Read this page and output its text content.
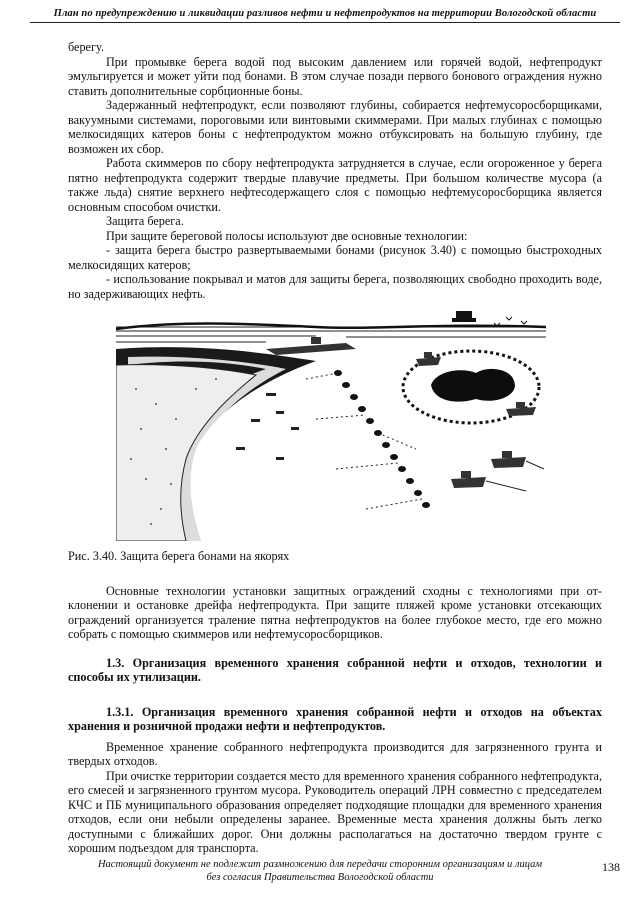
План по предупреждению и ликвидации разливов нефти и нефтепродуктов на территории Вологодской области

берегу.

При промывке берега водой под высоким давлением или горячей водой, нефтепродукт эмульгируется и может уйти под бонами. В этом случае позади первого бонового ограждения нужно ставить дополнительные сорбционные боны.

Задержанный нефтепродукт, если позволяют глубины, собирается нефтемусоросборщиками, вакуумными системами, пороговыми или винтовыми скиммерами. При малых глубинах с помощью мелкосидящих катеров боны с нефтепродуктом можно отбуксировать на большую глубину, где возможен их сбор.

Работа скиммеров по сбору нефтепродукта затрудняется в случае, если огороженное у берега пятно нефтепродукта содержит твердые плавучие предметы. При большом количестве мусора (а также льда) снятие верхнего нефтесодержащего слоя с помощью нефтемусоросборщика является основным способом очистки.

Защита берега.

При защите береговой полосы используют две основные технологии:

- защита берега быстро развертываемыми бонами (рисунок 3.40) с помощью быстроходных мелкосидящих катеров;

- использование покрывал и матов для защиты берега, позволяющих свободно проходить воде, но задерживающих нефть.

Рис. 3.40. Защита берега бонами на якорях

Основные технологии установки защитных ограждений сходны с технологиями при от-клонении и остановке дрейфа нефтепродукта. При защите пляжей кроме установки отсекающих ограждений организуется траление пятна нефтепродуктов на более глубокое место, где его можно собрать с помощью скиммеров или нефтемусоросборщиков.

1.3. Организация временного хранения собранной нефти и отходов, технологии и способы их утилизации.

1.3.1. Организация временного хранения собранной нефти и отходов на объектах хранения и розничной продажи нефти и нефтепродуктов.

Временное хранение собранного нефтепродукта производится для загрязненного грунта и твердых отходов.

При очистке территории создается место для временного хранения собранного нефтепродукта, его смесей и загрязненного грунтом мусора. Руководитель операций ЛРН совместно с председателем КЧС и ПБ муниципального образования определяет подходящие площадки для временного хранения отходов, если они небыли определены заранее. Временные места хранения должны быть легко доступными с ближайших дорог. Они должны располагаться на достаточно твердом грунте с хорошим подъездом для транспорта.

Настоящий документ не подлежит размножению для передачи сторонним организациям и лицам
без согласия Правительства Вологодской области
138
